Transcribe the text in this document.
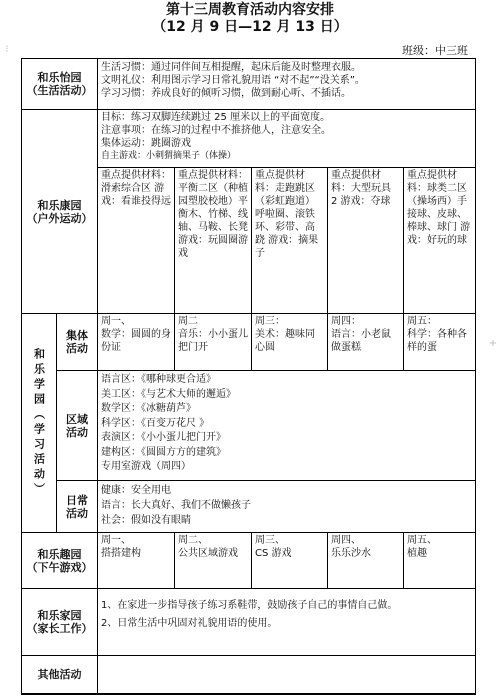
第十三周教育活动内容安排
（12 月 9 日—12 月 13 日）
班级：中三班
⁝
+
和乐怡园
（生活活动）
生活习惯：通过同伴间互相提醒，起床后能及时整理衣服。
文明礼仪：利用图示学习日常礼貌用语 “对不起”“没关系”。
学习习惯：养成良好的倾听习惯，做到耐心听、不插话。
和乐康园
（户外运动）
目标：练习双脚连续跳过 25 厘米以上的平面宽度。
注意事项：在练习的过程中不推挤他人，注意安全。
集体运动：跳圈游戏
自主游戏：小刺猬摘果子（体操）
重点提供材料：滑索综合区 游戏：看谁投得远
重点提供材料：平衡二区（种植园塑胶校地）平衡木、竹梯、线轴、马鞍、长凳 游戏：玩圆圈游戏
重点提供材料：走跑跳区（彩虹跑道）呼啦圈、滚铁环、彩带、高跷 游戏：摘果子
重点提供材料：大型玩具 2 游戏：夺球
重点提供材料：球类二区（操场西）手接球、皮球、棒球、球门 游戏：好玩的球
和乐学园（学习活动）
集体
活动
周一、
数学：圆圆的身份证
周二
音乐：小小蛋儿把门开
周三：
美术：趣味同心圆
周四：
语言：小老鼠做蛋糕
周五：
科学：各种各样的蛋
区域
活动
语言区：《哪种球更合适》
美工区：《与艺术大师的邂逅》
数学区：《冰糖葫芦》
科学区：《百变万花尺 》
表演区：《小小蛋儿把门开》
建构区：《圆圆方方的建筑》
专用室游戏（周四）
日常
活动
健康：安全用电
语言：长大真好、我们不做懒孩子
社会：假如没有眼睛
和乐趣园
（下午游戏）
周一、
搭搭建构
周二、
公共区域游戏
周三、
CS 游戏
周四、
乐乐沙水
周五、
植趣
和乐家园
（家长工作）
1、在家进一步指导孩子练习系鞋带，鼓励孩子自己的事情自己做。
2、日常生活中巩固对礼貌用语的使用。
其他活动
